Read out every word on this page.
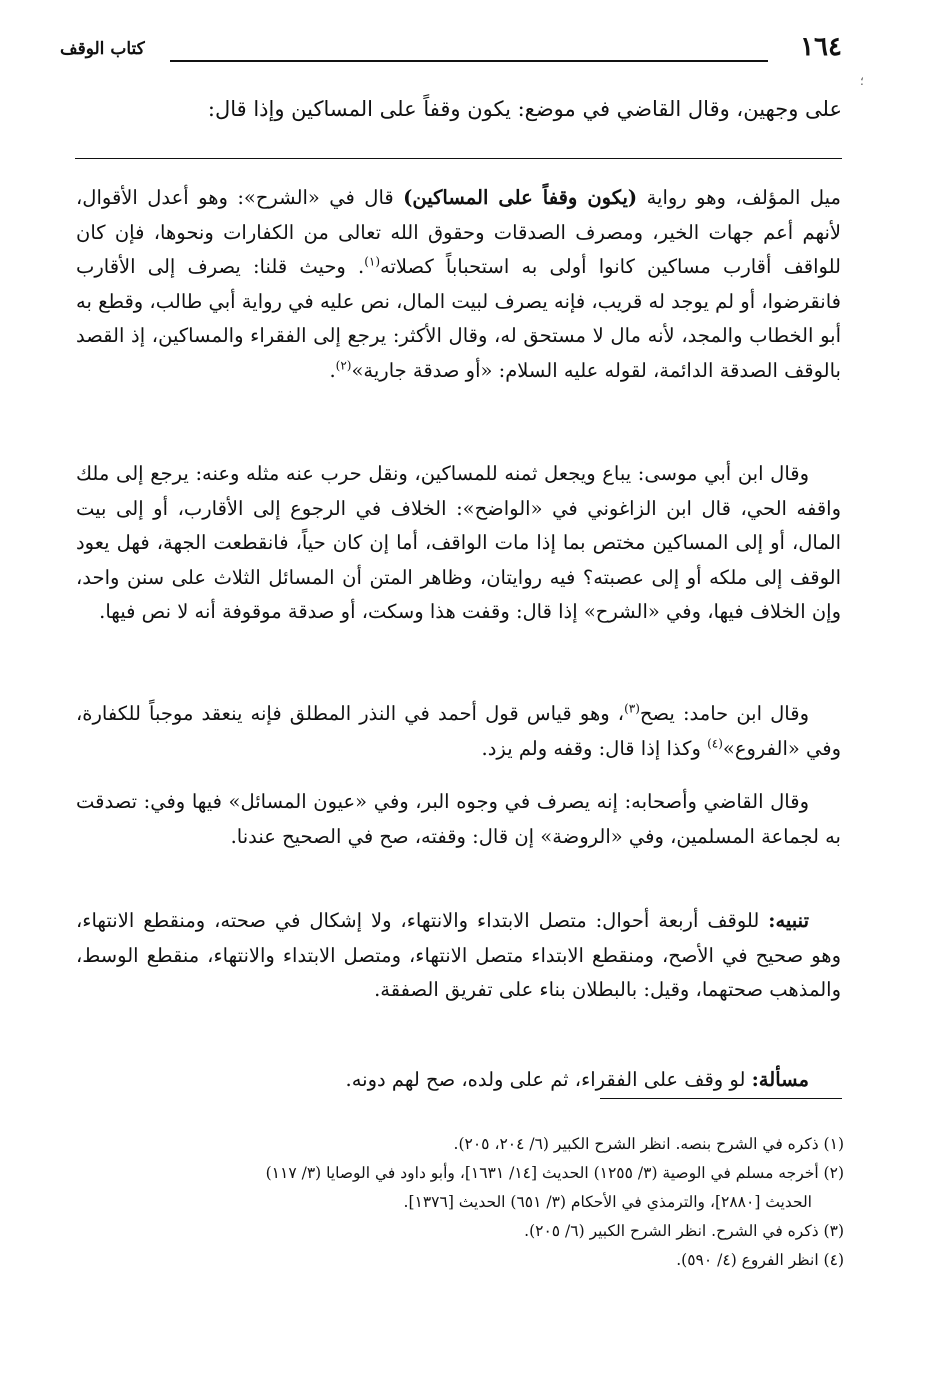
١٦٤
كتاب الوقف
؛

على وجهين، وقال القاضي في موضع: يكون وقفاً على المساكين وإذا قال:

ميل المؤلف، وهو رواية (يكون وقفاً على المساكين) قال في «الشرح»: وهو أعدل الأقوال، لأنهم أعم جهات الخير، ومصرف الصدقات وحقوق الله تعالى من الكفارات ونحوها، فإن كان للواقف أقارب مساكين كانوا أولى به استحباباً كصلاته$^{(١)}$. وحيث قلنا: يصرف إلى الأقارب فانقرضوا، أو لم يوجد له قريب، فإنه يصرف لبيت المال، نص عليه في رواية أبي طالب، وقطع به أبو الخطاب والمجد، لأنه مال لا مستحق له، وقال الأكثر: يرجع إلى الفقراء والمساكين، إذ القصد بالوقف الصدقة الدائمة، لقوله عليه السلام: «أو صدقة جارية»$^{(٢)}$.

وقال ابن أبي موسى: يباع ويجعل ثمنه للمساكين، ونقل حرب عنه مثله وعنه: يرجع إلى ملك واقفه الحي، قال ابن الزاغوني في «الواضح»: الخلاف في الرجوع إلى الأقارب، أو إلى بيت المال، أو إلى المساكين مختص بما إذا مات الواقف، أما إن كان حياً، فانقطعت الجهة، فهل يعود الوقف إلى ملكه أو إلى عصبته؟ فيه روايتان، وظاهر المتن أن المسائل الثلاث على سنن واحد، وإن الخلاف فيها، وفي «الشرح» إذا قال: وقفت هذا وسكت، أو صدقة موقوفة أنه لا نص فيها.

وقال ابن حامد: يصح$^{(٣)}$، وهو قياس قول أحمد في النذر المطلق فإنه ينعقد موجباً للكفارة، وفي «الفروع»$^{(٤)}$ وكذا إذا قال: وقفه ولم يزد.

وقال القاضي وأصحابه: إنه يصرف في وجوه البر، وفي «عيون المسائل» فيها وفي: تصدقت به لجماعة المسلمين، وفي «الروضة» إن قال: وقفته، صح في الصحيح عندنا.

تنبيه: للوقف أربعة أحوال: متصل الابتداء والانتهاء، ولا إشكال في صحته، ومنقطع الانتهاء، وهو صحيح في الأصح، ومنقطع الابتداء متصل الانتهاء، ومتصل الابتداء والانتهاء، منقطع الوسط، والمذهب صحتهما، وقيل: بالبطلان بناء على تفريق الصفقة.

مسألة: لو وقف على الفقراء، ثم على ولده، صح لهم دونه.

(١) ذكره في الشرح بنصه. انظر الشرح الكبير (٦/ ٢٠٤، ٢٠٥).

(٢) أخرجه مسلم في الوصية (٣/ ١٢٥٥) الحديث [١٤/ ١٦٣١]، وأبو داود في الوصايا (٣/ ١١٧)

الحديث [٢٨٨٠]، والترمذي في الأحكام (٣/ ٦٥١) الحديث [١٣٧٦].

(٣) ذكره في الشرح. انظر الشرح الكبير (٦/ ٢٠٥).

(٤) انظر الفروع (٤/ ٥٩٠).
